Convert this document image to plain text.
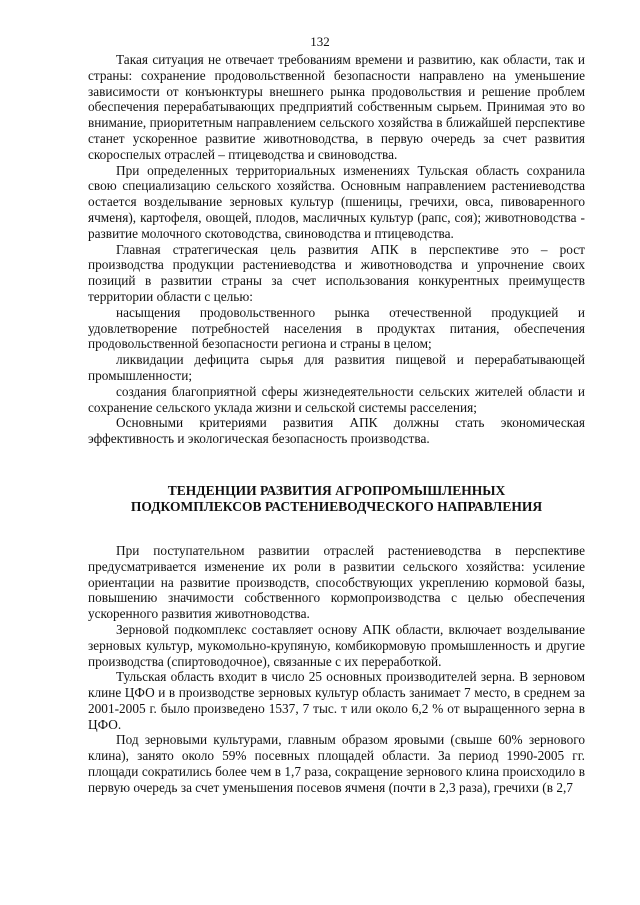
132

Такая ситуация не отвечает требованиям времени и развитию, как области, так и страны: сохранение продовольственной безопасности направлено на уменьшение зависимости от конъюнктуры внешнего рынка продовольствия и решение проблем обеспечения перерабатывающих предприятий собственным сырьем. Принимая это во внимание, приоритетным направлением сельского хозяйства в ближайшей перспективе станет ускоренное развитие животноводства, в первую очередь за счет развития скороспелых отраслей – птицеводства и свиноводства.

При определенных территориальных изменениях Тульская область сохранила свою специализацию сельского хозяйства. Основным направлением растениеводства остается возделывание зерновых культур (пшеницы, гречихи, овса, пивоваренного ячменя), картофеля, овощей, плодов, масличных культур (рапс, соя); животноводства - развитие молочного скотоводства, свиноводства и птицеводства.

Главная стратегическая цель развития АПК в перспективе это – рост производства продукции растениеводства и животноводства и упрочнение своих позиций в развитии страны за счет использования конкурентных преимуществ территории области с целью:

насыщения продовольственного рынка отечественной продукцией и удовлетворение потребностей населения в продуктах питания, обеспечения продовольственной безопасности региона и страны в целом;

ликвидации дефицита сырья для развития пищевой и перерабатывающей промышленности;

создания благоприятной сферы жизнедеятельности сельских жителей области и сохранение сельского уклада жизни и сельской системы расселения;

Основными критериями развития АПК должны стать экономическая эффективность и экологическая безопасность производства.

ТЕНДЕНЦИИ РАЗВИТИЯ АГРОПРОМЫШЛЕННЫХ
ПОДКОМПЛЕКСОВ РАСТЕНИЕВОДЧЕСКОГО НАПРАВЛЕНИЯ

При поступательном развитии отраслей растениеводства в перспективе предусматривается изменение их роли в развитии сельского хозяйства: усиление ориентации на развитие производств, способствующих укреплению кормовой базы, повышению значимости собственного кормопроизводства с целью обеспечения ускоренного развития животноводства.

Зерновой подкомплекс составляет основу АПК области, включает возделывание зерновых культур, мукомольно-крупяную, комбикормовую промышленность и другие производства (спиртоводочное), связанные с их переработкой.

Тульская область входит в число 25 основных производителей зерна. В зерновом клине ЦФО и в производстве зерновых культур область занимает 7 место, в среднем за 2001-2005 г. было произведено 1537, 7 тыс. т или около 6,2 % от выращенного зерна в ЦФО.

Под зерновыми культурами, главным образом яровыми (свыше 60% зернового клина), занято около 59% посевных площадей области. За период 1990-2005 гг. площади сократились более чем в 1,7 раза, сокращение зернового клина происходило в первую очередь за счет уменьшения посевов ячменя (почти в 2,3 раза), гречихи (в 2,7
